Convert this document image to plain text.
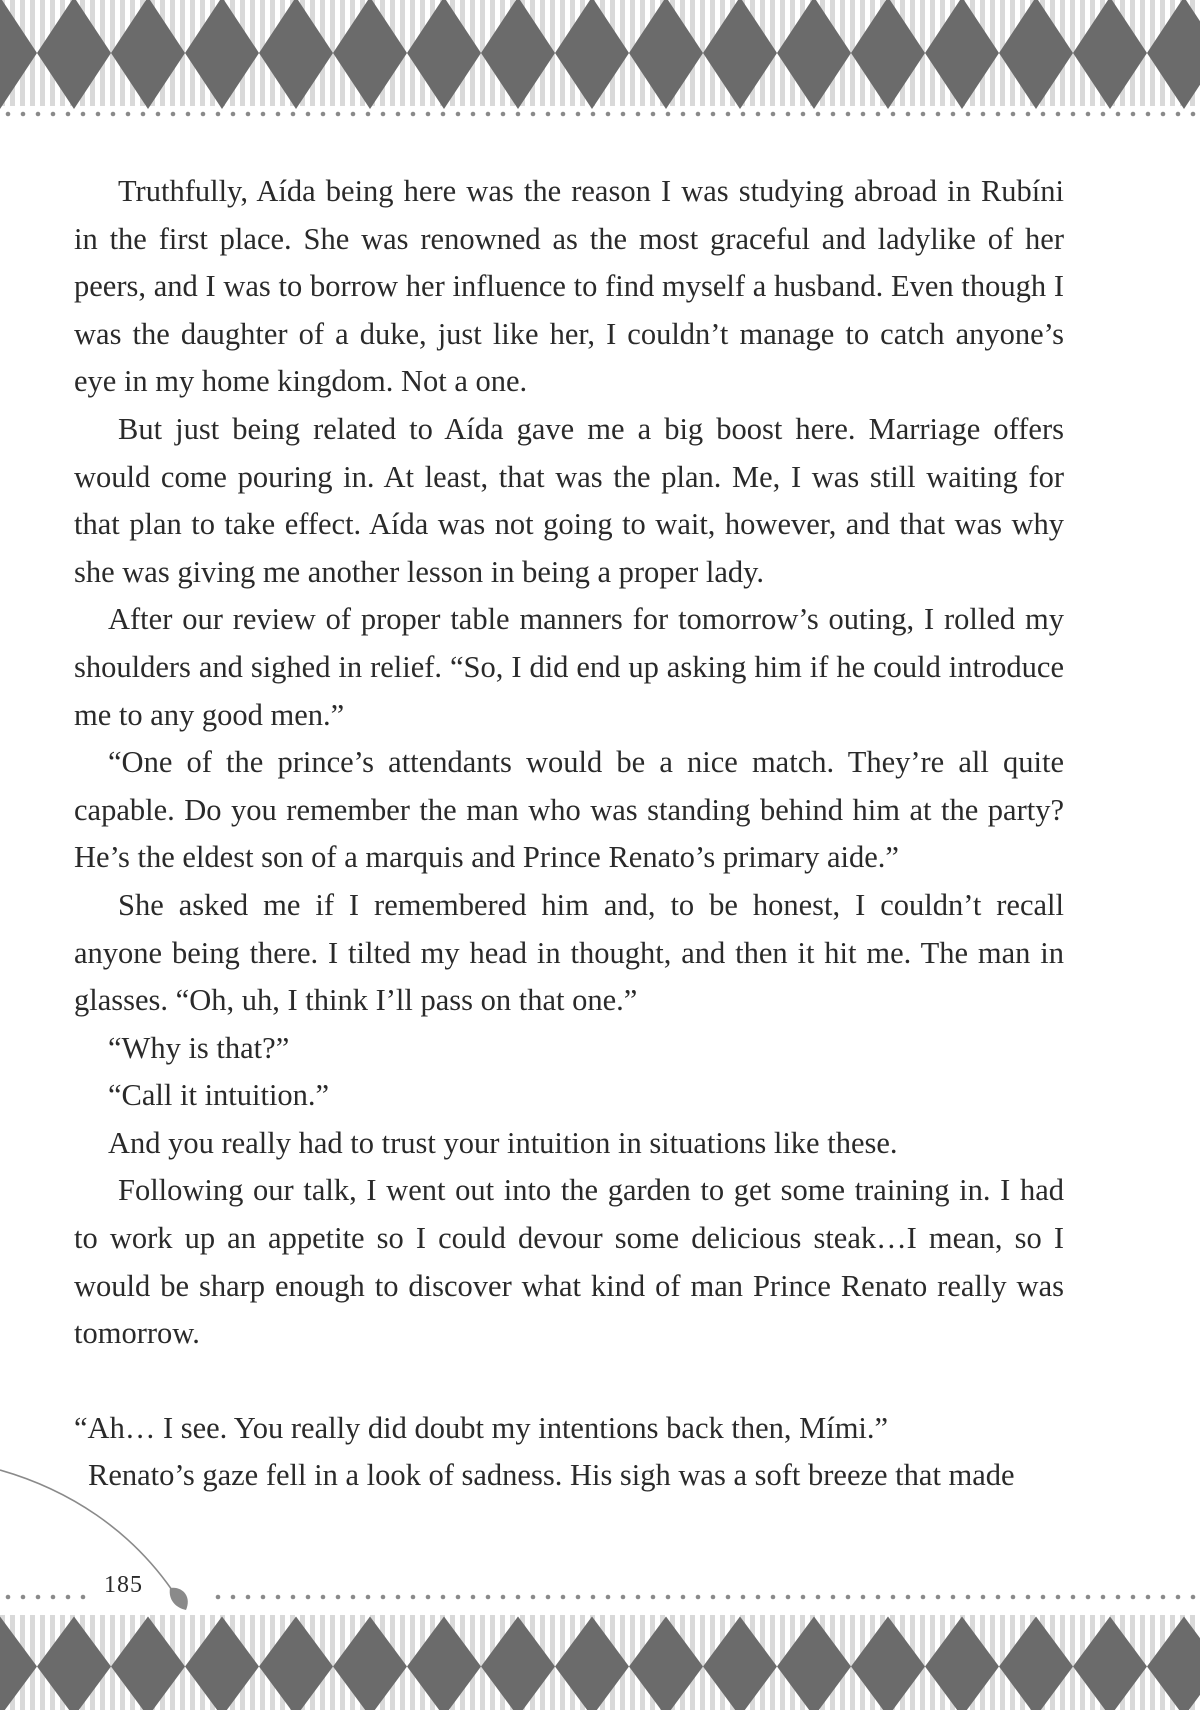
Truthfully, Aída being here was the reason I was studying abroad in Rubíni in the first place. She was renowned as the most graceful and ladylike of her peers, and I was to borrow her influence to find myself a husband. Even though I was the daughter of a duke, just like her, I couldn’t manage to catch anyone’s eye in my home kingdom. Not a one.

But just being related to Aída gave me a big boost here. Marriage offers would come pouring in. At least, that was the plan. Me, I was still waiting for that plan to take effect. Aída was not going to wait, however, and that was why she was giving me another lesson in being a proper lady.

After our review of proper table manners for tomorrow’s outing, I rolled my shoulders and sighed in relief. “So, I did end up asking him if he could introduce me to any good men.”

“One of the prince’s attendants would be a nice match. They’re all quite capable. Do you remember the man who was standing behind him at the party? He’s the eldest son of a marquis and Prince Renato’s primary aide.”

She asked me if I remembered him and, to be honest, I couldn’t recall anyone being there. I tilted my head in thought, and then it hit me. The man in glasses. “Oh, uh, I think I’ll pass on that one.”

“Why is that?”

“Call it intuition.”

And you really had to trust your intuition in situations like these.

Following our talk, I went out into the garden to get some training in. I had to work up an appetite so I could devour some delicious steak…I mean, so I would be sharp enough to discover what kind of man Prince Renato really was tomorrow.

“Ah… I see. You really did doubt my intentions back then, Mími.”

Renato’s gaze fell in a look of sadness. His sigh was a soft breeze that made

185
